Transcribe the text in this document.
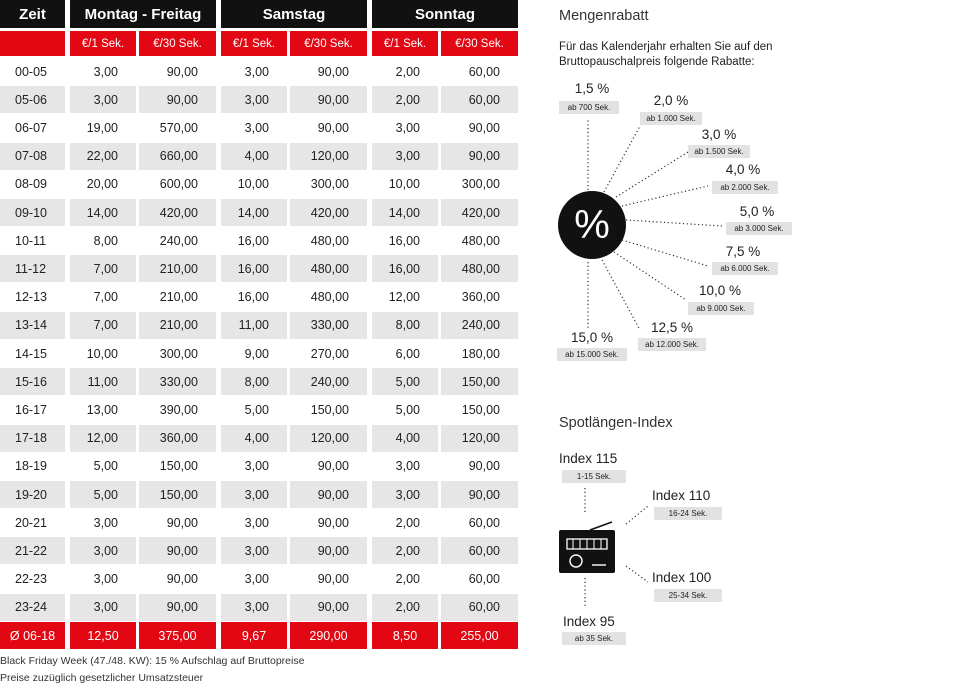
Zeit	Montag - Freitag	Samstag	Sonntag
€/1 Sek.	€/30 Sek.	€/1 Sek.	€/30 Sek.	€/1 Sek.	€/30 Sek.
00-05	3,00	90,00	3,00	90,00	2,00	60,00
05-06	3,00	90,00	3,00	90,00	2,00	60,00
06-07	19,00	570,00	3,00	90,00	3,00	90,00
07-08	22,00	660,00	4,00	120,00	3,00	90,00
08-09	20,00	600,00	10,00	300,00	10,00	300,00
09-10	14,00	420,00	14,00	420,00	14,00	420,00
10-11	8,00	240,00	16,00	480,00	16,00	480,00
11-12	7,00	210,00	16,00	480,00	16,00	480,00
12-13	7,00	210,00	16,00	480,00	12,00	360,00
13-14	7,00	210,00	11,00	330,00	8,00	240,00
14-15	10,00	300,00	9,00	270,00	6,00	180,00
15-16	11,00	330,00	8,00	240,00	5,00	150,00
16-17	13,00	390,00	5,00	150,00	5,00	150,00
17-18	12,00	360,00	4,00	120,00	4,00	120,00
18-19	5,00	150,00	3,00	90,00	3,00	90,00
19-20	5,00	150,00	3,00	90,00	3,00	90,00
20-21	3,00	90,00	3,00	90,00	2,00	60,00
21-22	3,00	90,00	3,00	90,00	2,00	60,00
22-23	3,00	90,00	3,00	90,00	2,00	60,00
23-24	3,00	90,00	3,00	90,00	2,00	60,00
Ø 06-18	12,50	375,00	9,67	290,00	8,50	255,00
Black Friday Week (47./48. KW): 15 % Aufschlag auf Bruttopreise
Preise zuzüglich gesetzlicher Umsatzsteuer
Mengenrabatt
Für das Kalenderjahr erhalten Sie auf den Bruttopauschalpreis folgende Rabatte:
%
1,5 %
ab 700 Sek.	2,0 %
ab 1.000 Sek.
3,0 %
ab 1.500 Sek.
4,0 %
ab 2.000 Sek.
5,0 %
ab 3.000 Sek.
7,5 %
ab 6.000 Sek.
10,0 %
ab 9.000 Sek.
12,5 %
ab 12.000 Sek.
15,0 %
ab 15.000 Sek.
Spotlängen-Index
Index 115
1-15 Sek.
Index 110
16-24 Sek.
Index 100
25-34 Sek.
Index 95
ab 35 Sek.
